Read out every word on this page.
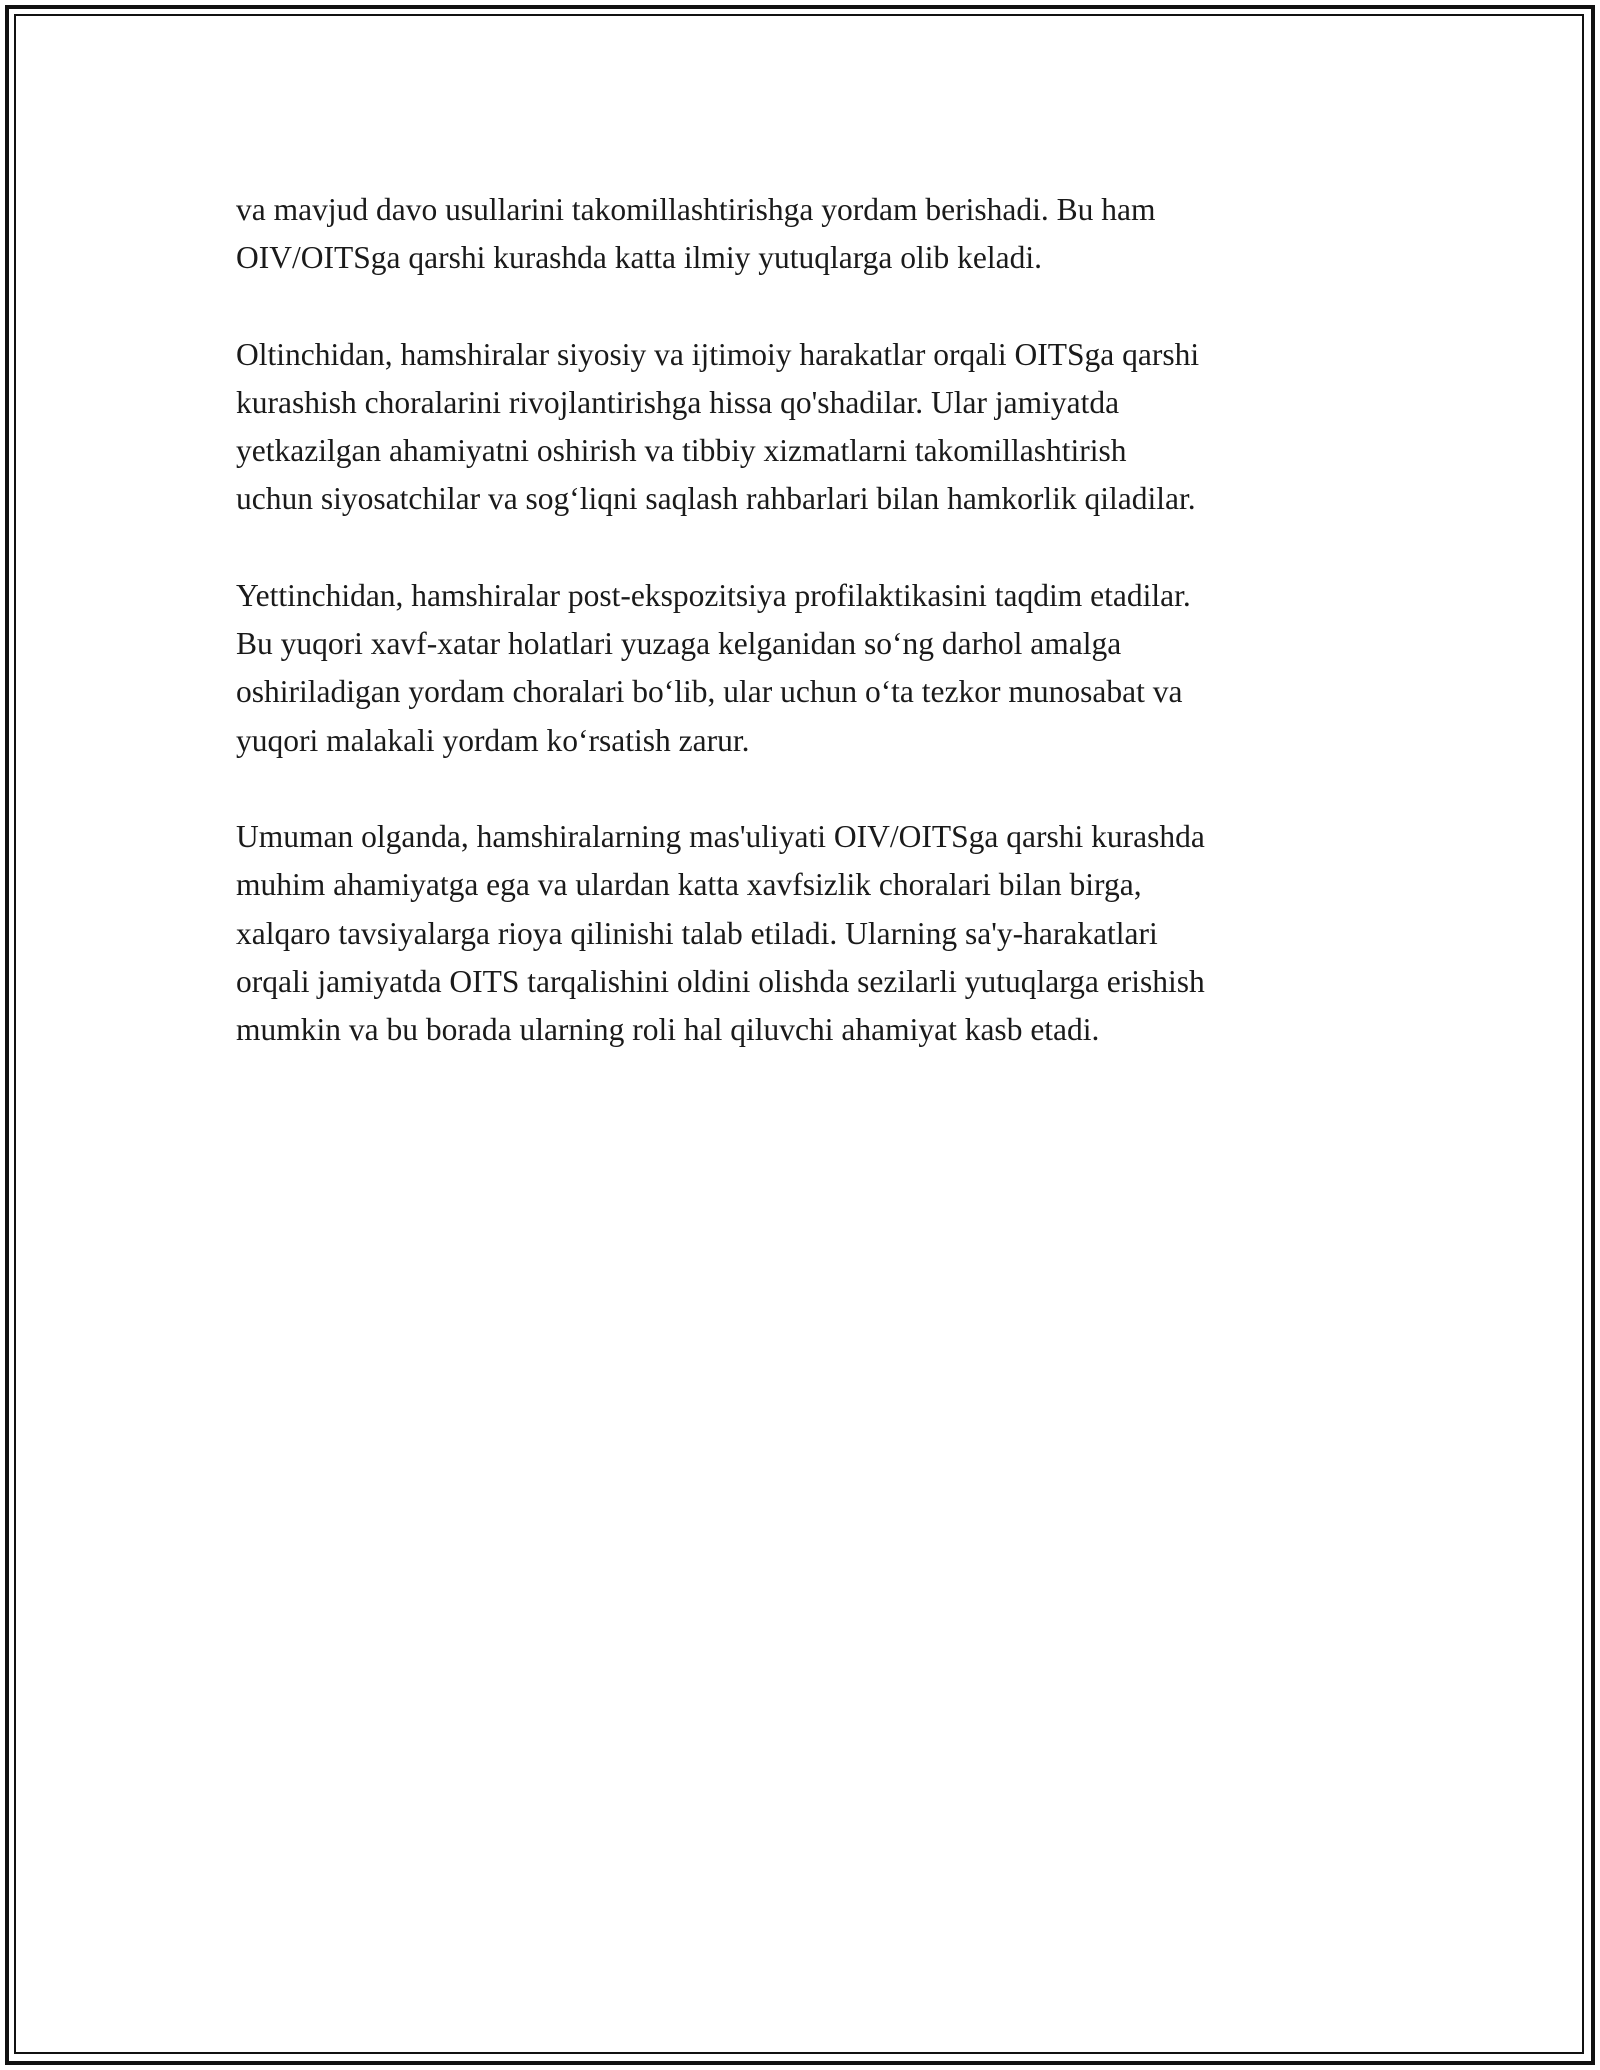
va mavjud davo usullarini takomillashtirishga yordam berishadi. Bu ham
OIV/OITSga qarshi kurashda katta ilmiy yutuqlarga olib keladi.

Oltinchidan, hamshiralar siyosiy va ijtimoiy harakatlar orqali OITSga qarshi
kurashish choralarini rivojlantirishga hissa qo'shadilar. Ular jamiyatda
yetkazilgan ahamiyatni oshirish va tibbiy xizmatlarni takomillashtirish
uchun siyosatchilar va sog‘liqni saqlash rahbarlari bilan hamkorlik qiladilar.

Yettinchidan, hamshiralar post-ekspozitsiya profilaktikasini taqdim etadilar.
Bu yuqori xavf-xatar holatlari yuzaga kelganidan so‘ng darhol amalga
oshiriladigan yordam choralari bo‘lib, ular uchun o‘ta tezkor munosabat va
yuqori malakali yordam ko‘rsatish zarur.

Umuman olganda, hamshiralarning mas'uliyati OIV/OITSga qarshi kurashda
muhim ahamiyatga ega va ulardan katta xavfsizlik choralari bilan birga,
xalqaro tavsiyalarga rioya qilinishi talab etiladi. Ularning sa'y-harakatlari
orqali jamiyatda OITS tarqalishini oldini olishda sezilarli yutuqlarga erishish
mumkin va bu borada ularning roli hal qiluvchi ahamiyat kasb etadi.
